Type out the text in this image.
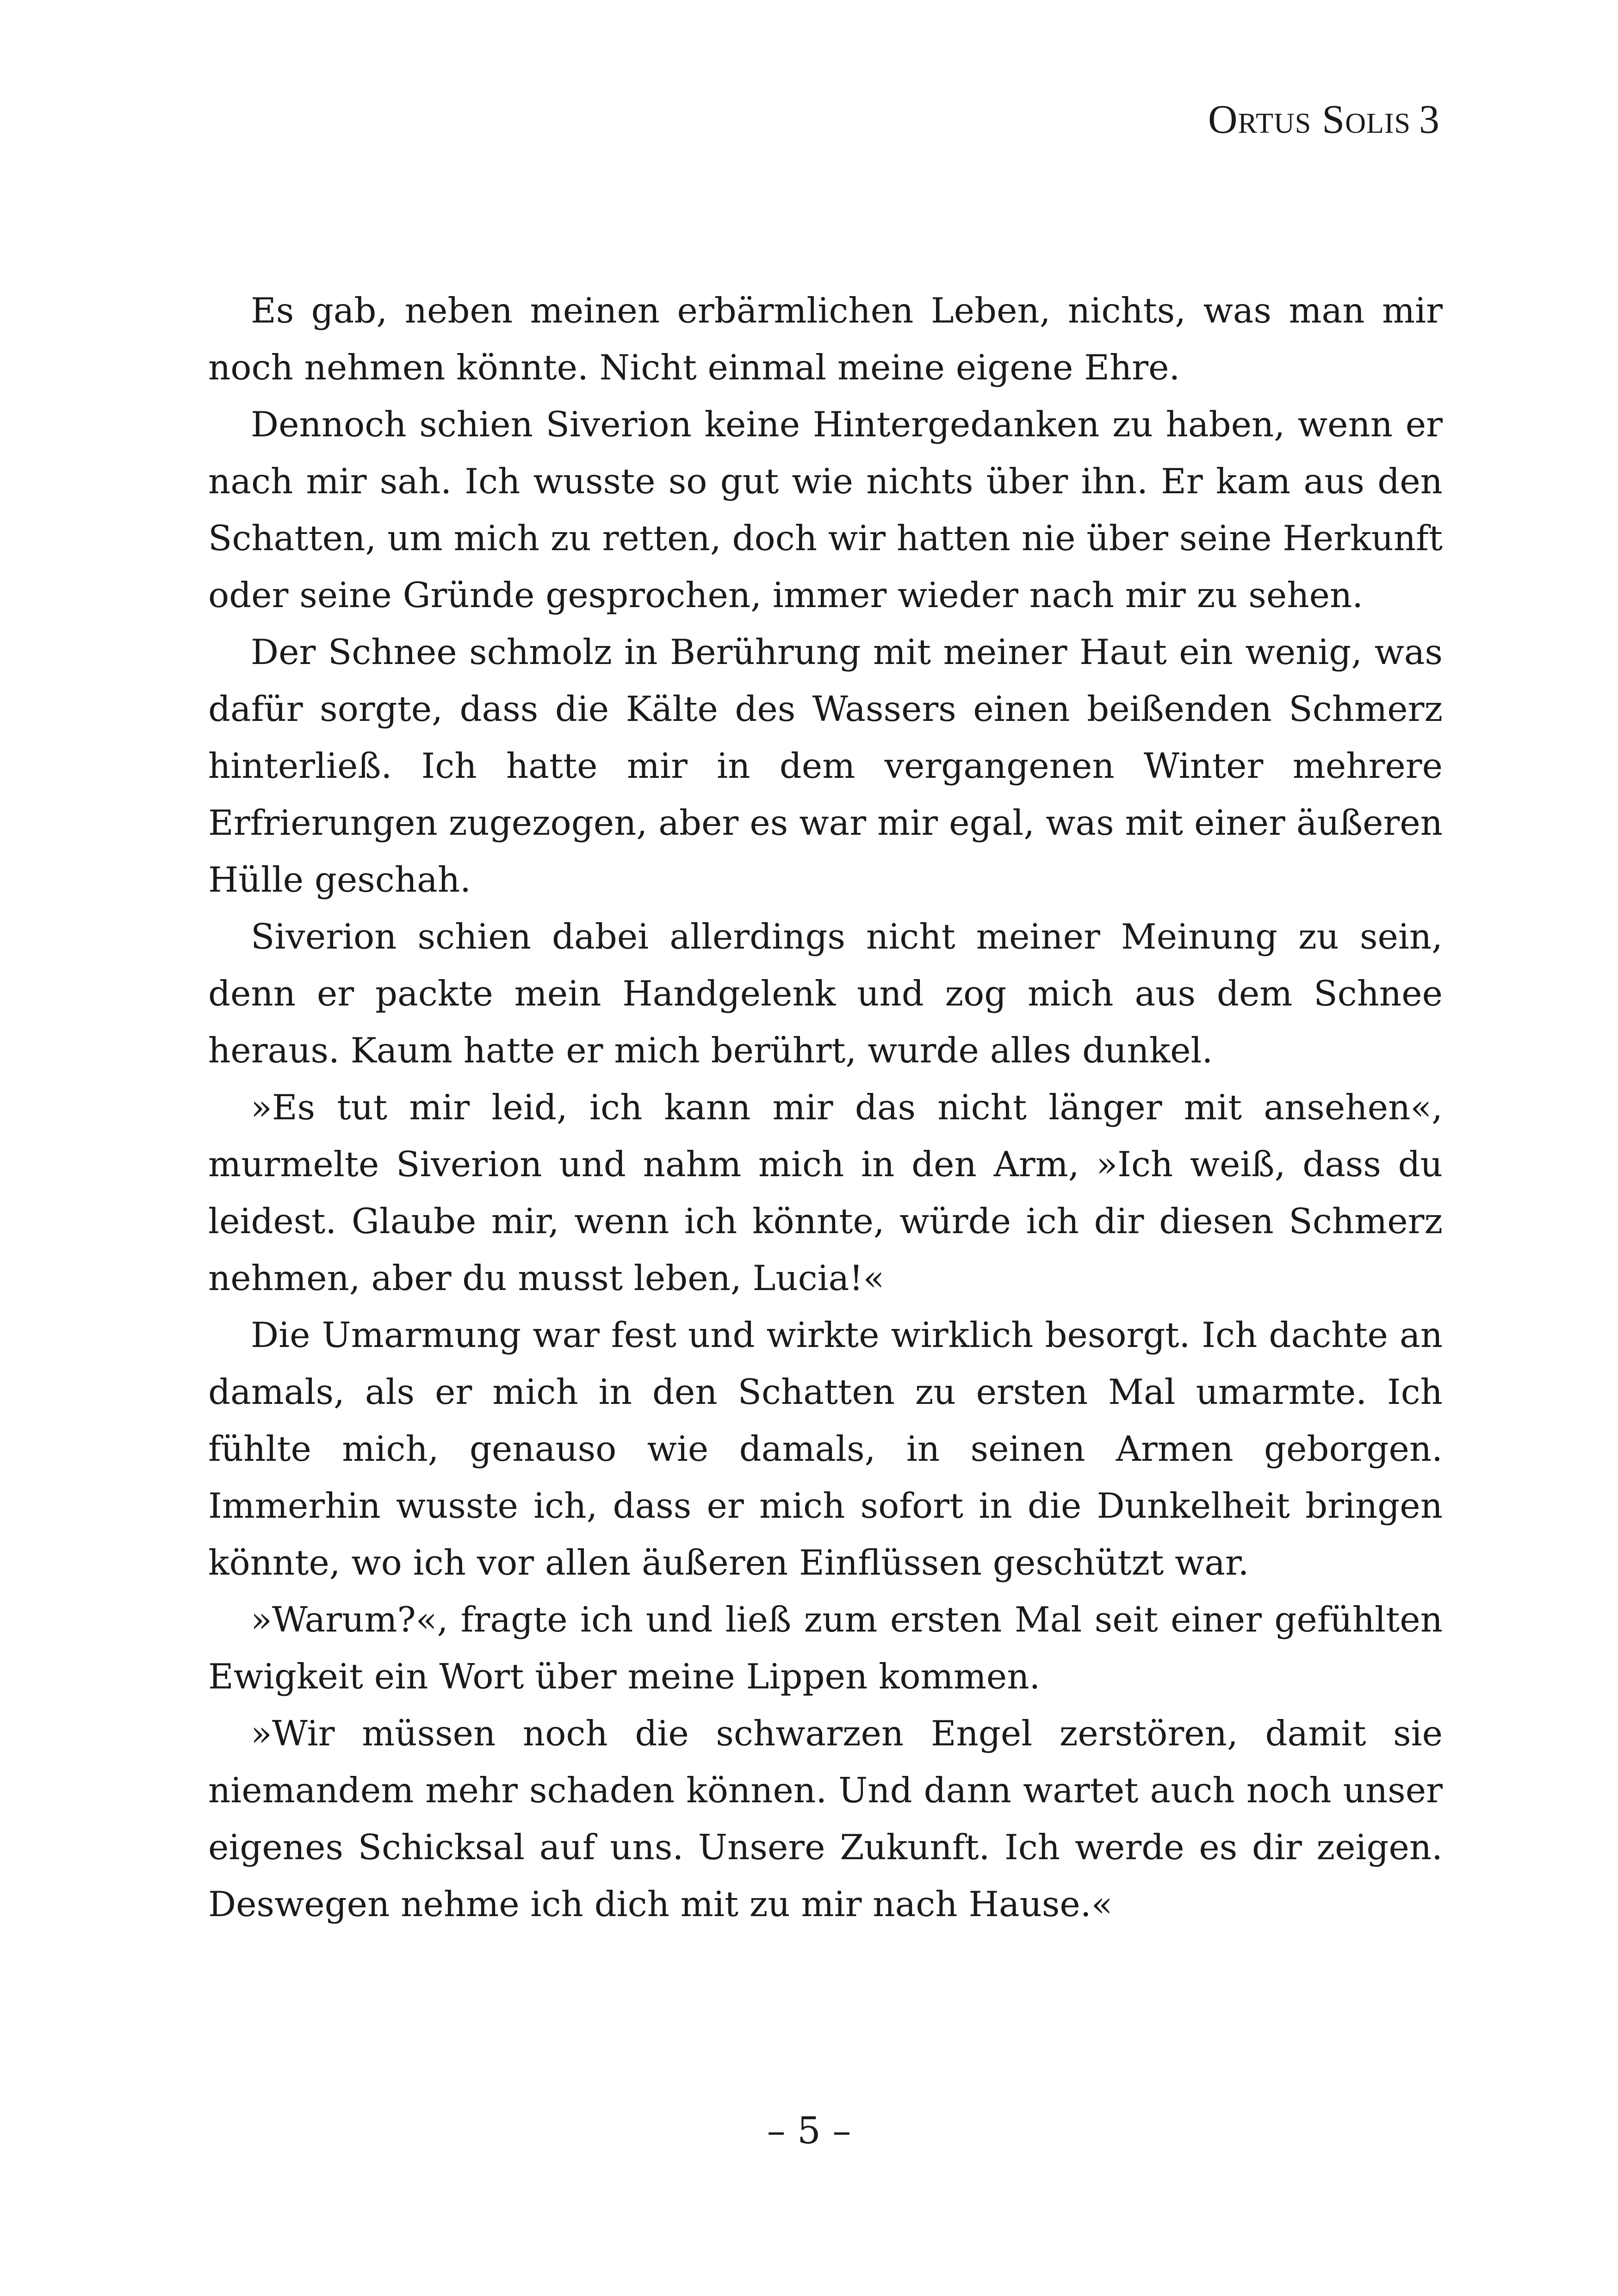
Ortus Solis 3

Es gab, neben meinen erbärmlichen Leben, nichts, was man mir noch nehmen könnte. Nicht einmal meine eigene Ehre.

Dennoch schien Siverion keine Hintergedanken zu haben, wenn er nach mir sah. Ich wusste so gut wie nichts über ihn. Er kam aus den Schatten, um mich zu retten, doch wir hatten nie über seine Herkunft oder seine Gründe gesprochen, immer wieder nach mir zu sehen.

Der Schnee schmolz in Berührung mit meiner Haut ein wenig, was dafür sorgte, dass die Kälte des Wassers einen beißenden Schmerz hinterließ. Ich hatte mir in dem vergangenen Winter mehrere Erfrierungen zugezogen, aber es war mir egal, was mit einer äußeren Hülle geschah.

Siverion schien dabei allerdings nicht meiner Meinung zu sein, denn er packte mein Handgelenk und zog mich aus dem Schnee heraus. Kaum hatte er mich berührt, wurde alles dunkel.

»Es tut mir leid, ich kann mir das nicht länger mit ansehen«, murmelte Siverion und nahm mich in den Arm, »Ich weiß, dass du leidest. Glaube mir, wenn ich könnte, würde ich dir diesen Schmerz nehmen, aber du musst leben, Lucia!«

Die Umarmung war fest und wirkte wirklich besorgt. Ich dachte an damals, als er mich in den Schatten zu ersten Mal umarmte. Ich fühlte mich, genauso wie damals, in seinen Armen geborgen. Immerhin wusste ich, dass er mich sofort in die Dunkelheit bringen könnte, wo ich vor allen äußeren Einflüssen geschützt war.

»Warum?«, fragte ich und ließ zum ersten Mal seit einer gefühlten Ewigkeit ein Wort über meine Lippen kommen.

»Wir müssen noch die schwarzen Engel zerstören, damit sie niemandem mehr schaden können. Und dann wartet auch noch unser eigenes Schicksal auf uns. Unsere Zukunft. Ich werde es dir zeigen. Deswegen nehme ich dich mit zu mir nach Hause.«

– 5 –
